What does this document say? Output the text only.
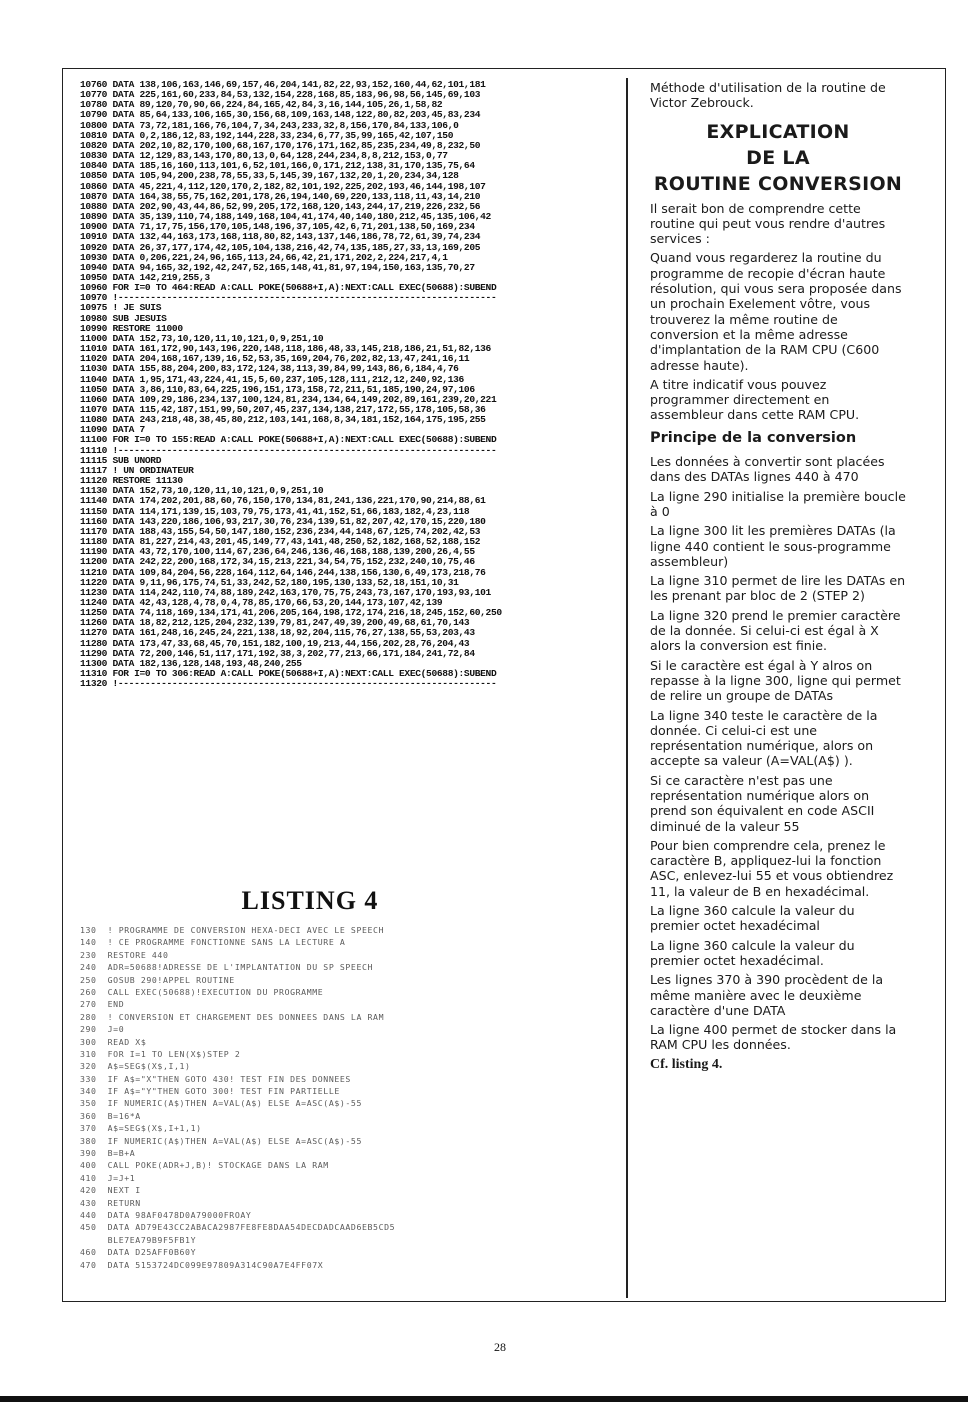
10760 DATA 138,106,163,146,69,157,46,204,141,82,22,93,152,160,44,62,101,181
10770 DATA 225,161,60,233,84,53,132,154,228,168,85,183,96,98,56,145,69,103
10780 DATA 89,120,70,90,66,224,84,165,42,84,3,16,144,105,26,1,58,82
10790 DATA 85,64,133,106,165,30,156,68,109,163,148,122,80,82,203,45,83,234
10800 DATA 73,72,181,166,76,104,7,34,243,233,32,8,156,170,84,133,106,0
10810 DATA 0,2,186,12,83,192,144,228,33,234,6,77,35,99,165,42,107,150
10820 DATA 202,10,82,170,100,68,167,170,176,171,162,85,235,234,49,8,232,50
10830 DATA 12,129,83,143,170,80,13,0,64,128,244,234,8,8,212,153,0,77
10840 DATA 185,16,160,113,101,6,52,101,166,0,171,212,138,31,170,135,75,64
10850 DATA 105,94,200,238,78,55,33,5,145,39,167,132,20,1,20,234,34,128
10860 DATA 45,221,4,112,120,170,2,182,82,101,192,225,202,193,46,144,198,107
10870 DATA 164,38,55,75,162,201,178,26,194,140,69,220,133,118,11,43,14,210
10880 DATA 202,90,43,44,86,52,99,205,172,168,120,143,244,17,219,226,232,56
10890 DATA 35,139,110,74,188,149,168,104,41,174,40,140,180,212,45,135,106,42
10900 DATA 71,17,75,156,170,105,148,196,37,105,42,6,71,201,138,50,169,234
10910 DATA 132,44,163,173,168,118,80,82,143,137,146,186,78,72,61,39,74,234
10920 DATA 26,37,177,174,42,105,104,138,216,42,74,135,185,27,33,13,169,205
10930 DATA 0,206,221,24,96,165,113,24,66,42,21,171,202,2,224,217,4,1
10940 DATA 94,165,32,192,42,247,52,165,148,41,81,97,194,150,163,135,70,27
10950 DATA 142,219,255,3
10960 FOR I=0 TO 464:READ A:CALL POKE(50688+I,A):NEXT:CALL EXEC(50688):SUBEND
10970 !----------------------------------------------------------------------
10975 ! JE SUIS
10980 SUB JESUIS
10990 RESTORE 11000
11000 DATA 152,73,10,120,11,10,121,0,9,251,10
11010 DATA 161,172,90,143,196,220,148,118,186,48,33,145,218,186,21,51,82,136
11020 DATA 204,168,167,139,16,52,53,35,169,204,76,202,82,13,47,241,16,11
11030 DATA 155,88,204,200,83,172,124,38,113,39,84,99,143,86,6,184,4,76
11040 DATA 1,95,171,43,224,41,15,5,60,237,105,128,111,212,12,240,92,136
11050 DATA 3,86,110,83,64,225,196,151,173,158,72,211,51,185,190,24,97,106
11060 DATA 109,29,186,234,137,100,124,81,234,134,64,149,202,89,161,239,20,221
11070 DATA 115,42,187,151,99,50,207,45,237,134,138,217,172,55,178,105,58,36
11080 DATA 243,218,48,38,45,80,212,103,141,168,8,34,181,152,164,175,195,255
11090 DATA 7
11100 FOR I=0 TO 155:READ A:CALL POKE(50688+I,A):NEXT:CALL EXEC(50688):SUBEND
11110 !----------------------------------------------------------------------
11115 SUB UNORD
11117 ! UN ORDINATEUR
11120 RESTORE 11130
11130 DATA 152,73,10,120,11,10,121,0,9,251,10
11140 DATA 174,202,201,88,60,76,150,170,134,81,241,136,221,170,90,214,88,61
11150 DATA 114,171,139,15,103,79,75,173,41,41,152,51,66,183,182,4,23,118
11160 DATA 143,220,186,106,93,217,30,76,234,139,51,82,207,42,170,15,220,180
11170 DATA 188,43,155,54,50,147,180,152,236,234,44,148,67,125,74,202,42,53
11180 DATA 81,227,214,43,201,45,149,77,43,141,48,250,52,182,168,52,188,152
11190 DATA 43,72,170,100,114,67,236,64,246,136,46,168,188,139,200,26,4,55
11200 DATA 242,22,200,168,172,34,15,213,221,34,54,75,152,232,240,10,75,46
11210 DATA 109,84,204,56,228,164,112,64,146,244,138,156,130,6,49,173,218,76
11220 DATA 9,11,96,175,74,51,33,242,52,180,195,130,133,52,18,151,10,31
11230 DATA 114,242,110,74,88,189,242,163,170,75,75,243,73,167,170,193,93,101
11240 DATA 42,43,128,4,78,0,4,78,85,170,66,53,20,144,173,107,42,139
11250 DATA 74,118,169,134,171,41,206,205,164,198,172,174,216,18,245,152,60,250
11260 DATA 18,82,212,125,204,232,139,79,81,247,49,39,200,49,68,61,70,143
11270 DATA 161,248,16,245,24,221,138,18,92,204,115,76,27,138,55,53,203,43
11280 DATA 173,47,33,68,45,70,151,182,100,19,213,44,156,202,28,76,204,43
11290 DATA 72,200,146,51,117,171,192,38,3,202,77,213,66,171,184,241,72,84
11300 DATA 182,136,128,148,193,48,240,255
11310 FOR I=0 TO 306:READ A:CALL POKE(50688+I,A):NEXT:CALL EXEC(50688):SUBEND
11320 !----------------------------------------------------------------------
LISTING 4
130  ! PROGRAMME DE CONVERSION HEXA-DECI AVEC LE SPEECH
140  ! CE PROGRAMME FONCTIONNE SANS LA LECTURE A
230  RESTORE 440
240  ADR=50688!ADRESSE DE L'IMPLANTATION DU SP SPEECH
250  GOSUB 290!APPEL ROUTINE
260  CALL EXEC(50688)!EXECUTION DU PROGRAMME
270  END
280  ! CONVERSION ET CHARGEMENT DES DONNEES DANS LA RAM
290  J=0
300  READ X$
310  FOR I=1 TO LEN(X$)STEP 2
320  A$=SEG$(X$,I,1)
330  IF A$="X"THEN GOTO 430! TEST FIN DES DONNEES
340  IF A$="Y"THEN GOTO 300! TEST FIN PARTIELLE
350  IF NUMERIC(A$)THEN A=VAL(A$) ELSE A=ASC(A$)-55
360  B=16*A
370  A$=SEG$(X$,I+1,1)
380  IF NUMERIC(A$)THEN A=VAL(A$) ELSE A=ASC(A$)-55
390  B=B+A
400  CALL POKE(ADR+J,B)! STOCKAGE DANS LA RAM
410  J=J+1
420  NEXT I
430  RETURN
440  DATA 98AF0478D0A79000FROAY
450  DATA AD79E43CC2ABACA2987FE8FE8DAA54DECDADCAAD6EB5CD5
BLE7EA79B9F5FB1Y
460  DATA D25AFF0B60Y
470  DATA 5153724DC099E97809A314C90A7E4FF07X

Méthode d'utilisation de la routine de Victor Zebrouck.

EXPLICATION
DE LA
ROUTINE CONVERSION

Il serait bon de comprendre cette routine qui peut vous rendre d'autres services :

Quand vous regarderez la routine du programme de recopie d'écran haute résolution, qui vous sera proposée dans un prochain Exelement vôtre, vous trouverez la même routine de conversion et la même adresse d'implantation de la RAM CPU (C600 adresse haute).

A titre indicatif vous pouvez programmer directement en assembleur dans cette RAM CPU.

Principe de la conversion

Les données à convertir sont placées dans des DATAs lignes 440 à 470

La ligne 290 initialise la première boucle à 0

La ligne 300 lit les premières DATAs (la ligne 440 contient le sous-programme assembleur)

La ligne 310 permet de lire les DATAs en les prenant par bloc de 2 (STEP 2)

La ligne 320 prend le premier caractère de la donnée. Si celui-ci est égal à X alors la conversion est finie.

Si le caractère est égal à Y alros on repasse à la ligne 300, ligne qui permet de relire un groupe de DATAs

La ligne 340 teste le caractère de la donnée. Ci celui-ci est une représentation numérique, alors on accepte sa valeur (A=VAL(A$) ).

Si ce caractère n'est pas une représentation numérique alors on prend son équivalent en code ASCII diminué de la valeur 55

Pour bien comprendre cela, prenez le caractère B, appliquez-lui la fonction ASC, enlevez-lui 55 et vous obtiendrez 11, la valeur de B en hexadécimal.

La ligne 360 calcule la valeur du premier octet hexadécimal

La ligne 360 calcule la valeur du premier octet hexadécimal.

Les lignes 370 à 390 procèdent de la même manière avec le deuxième caractère d'une DATA

La ligne 400 permet de stocker dans la RAM CPU les données.

Cf. listing 4.
28
